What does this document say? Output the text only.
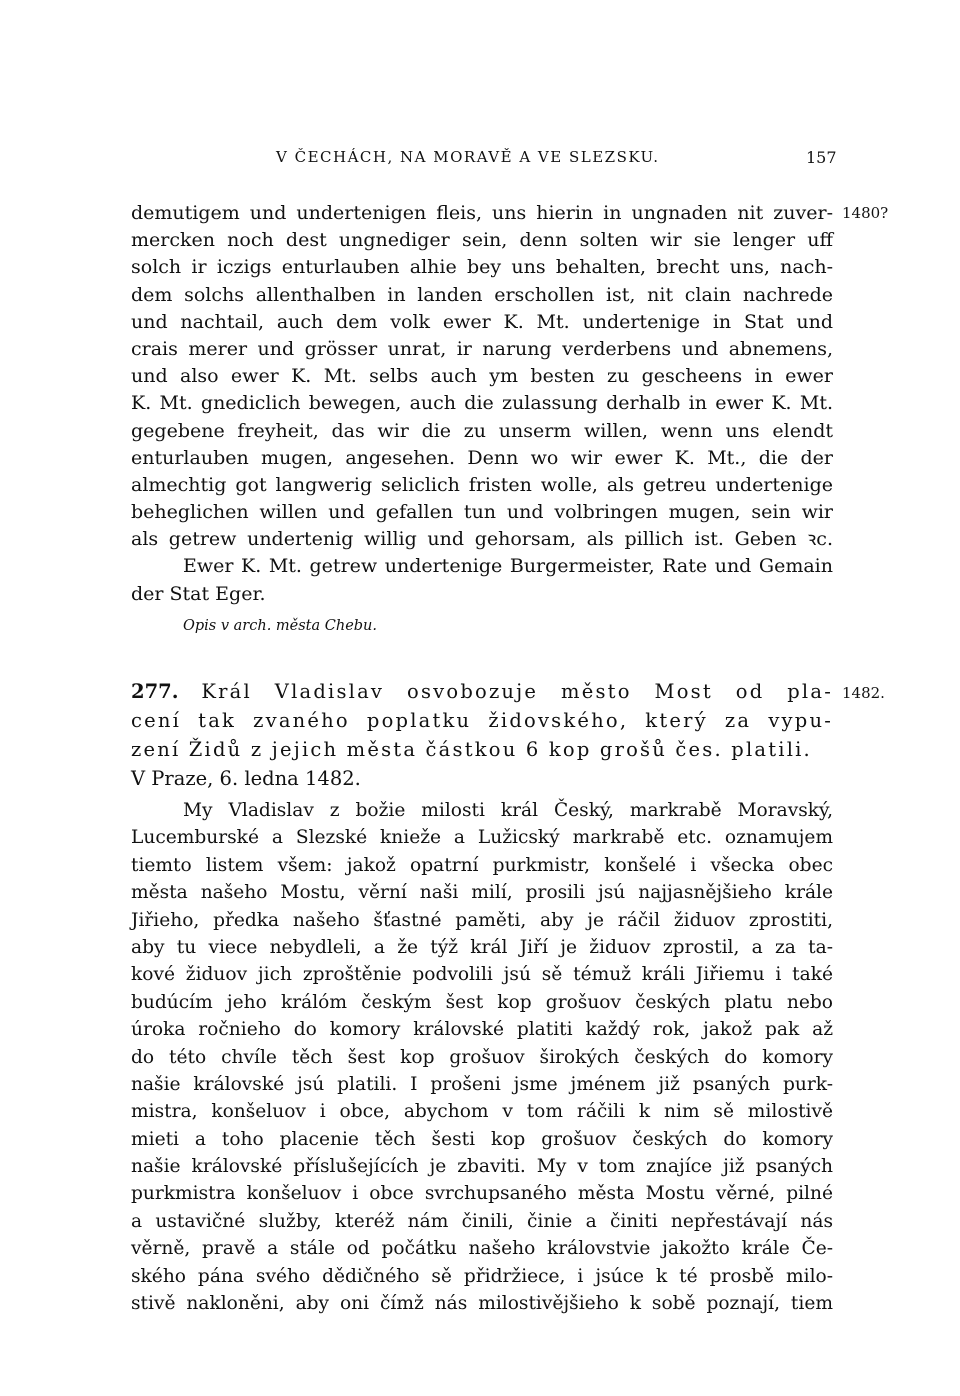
V ČECHÁCH, NA MORAVĚ A VE SLEZSKU.	157
1480?
demutigem und undertenigen fleis, uns hierin in ungnaden nit zuver-
mercken noch dest ungnediger sein, denn solten wir sie lenger uff
solch ir iczigs enturlauben alhie bey uns behalten, brecht uns, nach-
dem solchs allenthalben in landen erschollen ist, nit clain nachrede
und nachtail, auch dem volk ewer K. Mt. undertenige in Stat und
crais merer und grösser unrat, ir narung verderbens und abnemens,
und also ewer K. Mt. selbs auch ym besten zu gescheens in ewer
K. Mt. gnediclich bewegen, auch die zulassung derhalb in ewer K. Mt.
gegebene freyheit, das wir die zu unserm willen, wenn uns elendt
enturlauben mugen, angesehen. Denn wo wir ewer K. Mt., die der
almechtig got langwerig seliclich fristen wolle, als getreu undertenige
beheglichen willen und gefallen tun und volbringen mugen, sein wir
als getrew undertenig willig und gehorsam, als pillich ist. Geben ꝛc.
Ewer K. Mt. getrew undertenige Burgermeister, Rate und Gemain
der Stat Eger.
Opis v arch. města Chebu.
1482.
277. Král Vladislav osvobozuje město Most od pla-
cení tak zvaného poplatku židovského, který za vypu-
zení Židů z jejich města částkou 6 kop grošů čes. platili.
V Praze, 6. ledna 1482.
My Vladislav z božie milosti král Český, markrabě Moravský,
Lucemburské a Slezské knieže a Lužicský markrabě etc. oznamujem
tiemto listem všem: jakož opatrní purkmistr, konšelé i všecka obec
města našeho Mostu, věrní naši milí, prosili jsú najjasnějšieho krále
Jiřieho, předka našeho šťastné paměti, aby je ráčil židuov zprostiti,
aby tu viece nebydleli, a že týž král Jiří je židuov zprostil, a za ta-
kové židuov jich zproštěnie podvolili jsú sě témuž králi Jiřiemu i také
budúcím jeho králóm českým šest kop grošuov českých platu nebo
úroka ročnieho do komory královské platiti každý rok, jakož pak až
do této chvíle těch šest kop grošuov širokých českých do komory
našie královské jsú platili. I prošeni jsme jménem již psaných purk-
mistra, konšeluov i obce, abychom v tom ráčili k nim sě milostivě
mieti a toho placenie těch šesti kop grošuov českých do komory
našie královské příslušejících je zbaviti. My v tom znajíce již psaných
purkmistra konšeluov i obce svrchupsaného města Mostu věrné, pilné
a ustavičné služby, kteréž nám činili, činie a činiti nepřestávají nás
věrně, pravě a stále od počátku našeho královstvie jakožto krále Če-
ského pána svého dědičného sě přidržiece, i jsúce k té prosbě milo-
stivě nakloněni, aby oni čímž nás milostivějšieho k sobě poznají, tiem
